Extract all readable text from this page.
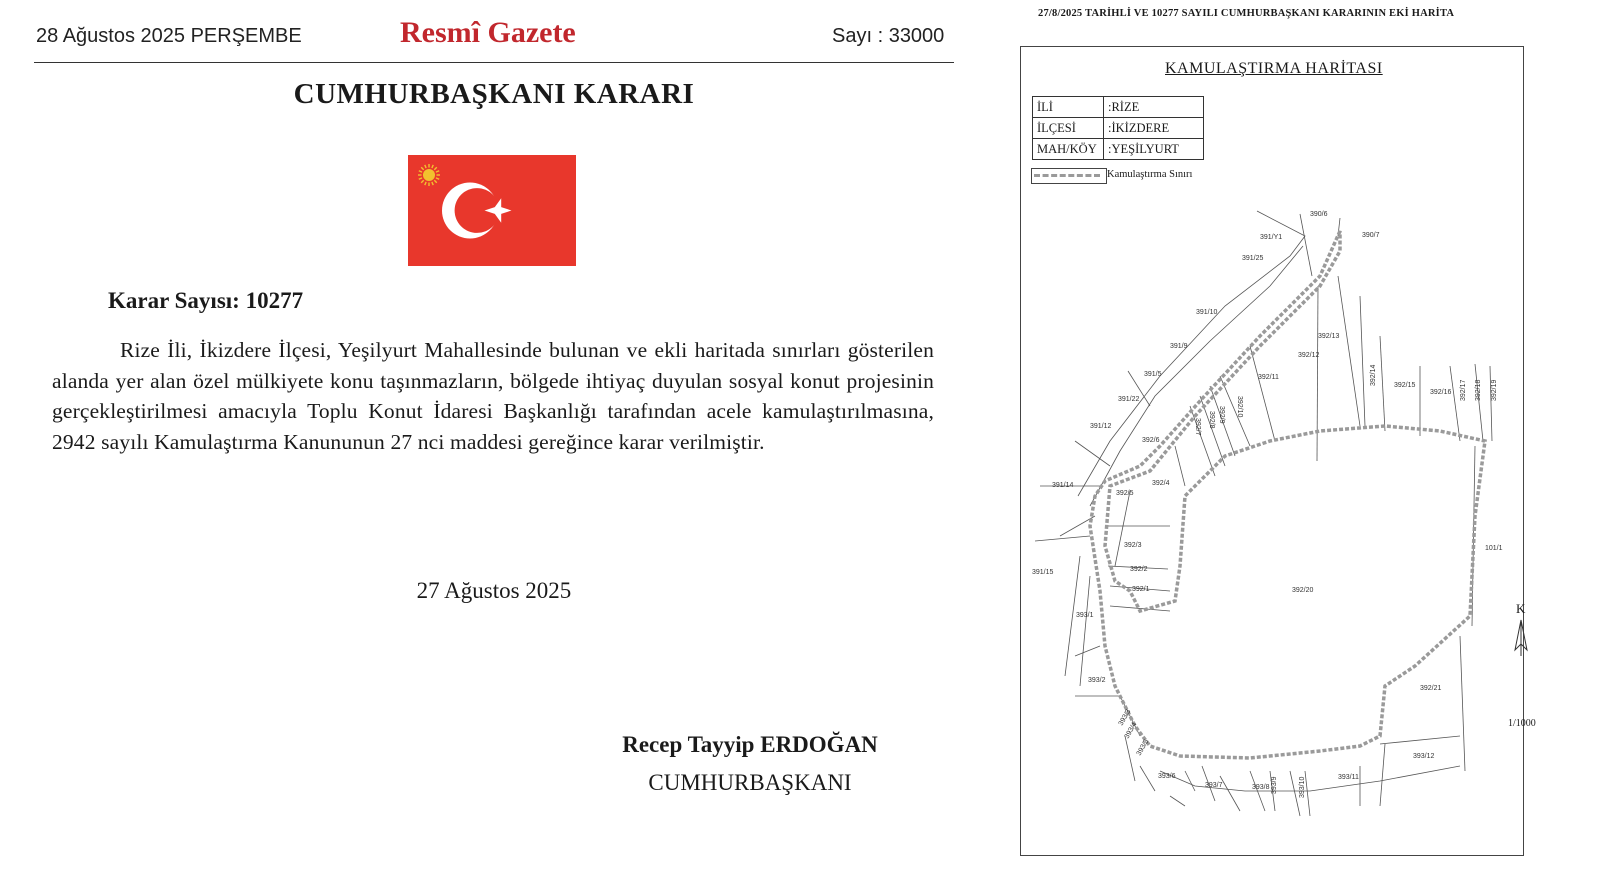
28 Ağustos 2025 PERŞEMBE	Resmî Gazete	Sayı : 33000
CUMHURBAŞKANI KARARI
Karar Sayısı: 10277
Rize İli, İkizdere İlçesi, Yeşilyurt Mahallesinde bulunan ve ekli haritada sınırları gösterilen alanda yer alan özel mülkiyete konu taşınmazların, bölgede ihtiyaç duyulan sosyal konut projesinin gerçekleştirilmesi amacıyla Toplu Konut İdaresi Başkanlığı tarafından acele kamulaştırılmasına, 2942 sayılı Kamulaştırma Kanununun 27 nci maddesi gereğince karar verilmiştir.
27 Ağustos 2025
Recep Tayyip ERDOĞAN
CUMHURBAŞKANI
27/8/2025 TARİHLİ VE 10277 SAYILI CUMHURBAŞKANI KARARININ EKİ HARİTA
390/6
390/7
391/Y1
391/25
391/10
391/9
391/5
391/22
391/12
391/14
391/15
392/13
392/12
392/11
392/10
392/9
392/8
392/7
392/6
392/5
392/4
392/3
392/2
392/1
392/14 392/15
392/16 392/17 392/18 392/19
392/20
392/21
101/1
393/1
393/2
393/3
393/4
393/5
393/6
393/7	393/8 393/9	393/10	393/11
393/12
KAMULAŞTIRMA HARİTASI
İLİ	:RİZE
İLÇESİ	:İKİZDERE
MAH/KÖY	:YEŞİLYURT
Kamulaştırma Sınırı
K
1/1000
